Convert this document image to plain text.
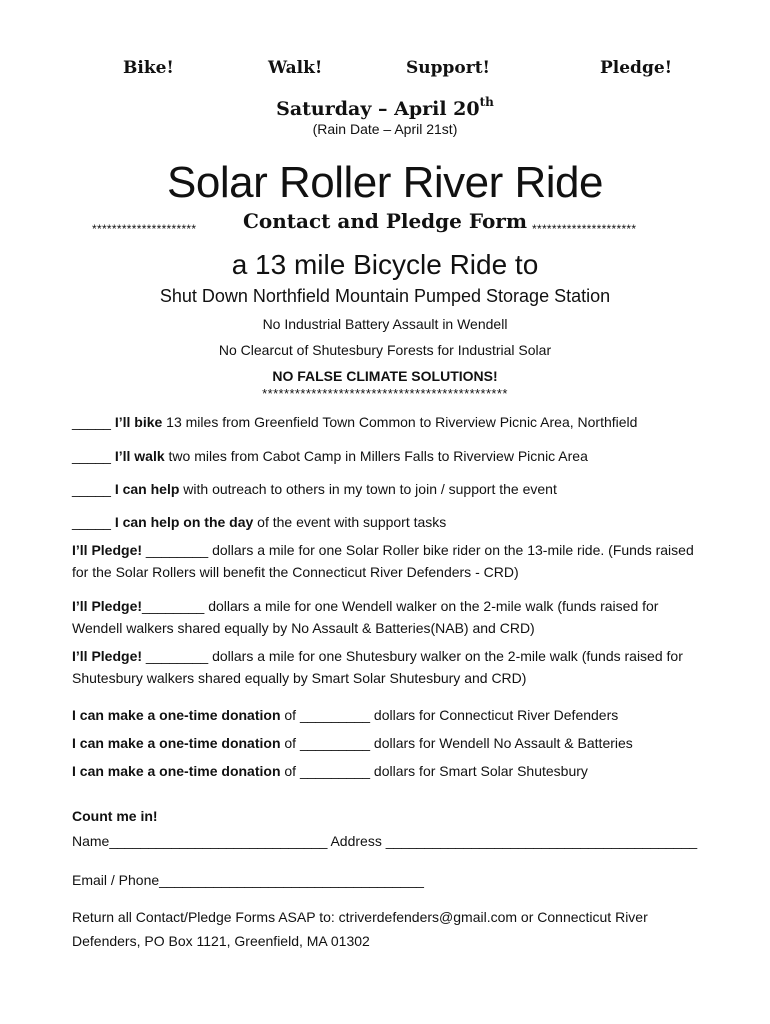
Bike!	Walk!	Support!	Pledge!
Saturday – April 20th
(Rain Date – April 21st)
Solar Roller River Ride
*********************	Contact and Pledge Form *********************
a 13 mile Bicycle Ride to
Shut Down Northfield Mountain Pumped Storage Station
No Industrial Battery Assault in Wendell
No Clearcut of Shutesbury Forests for Industrial Solar
NO FALSE CLIMATE SOLUTIONS!
*********************************************
_____ I’ll bike 13 miles from Greenfield Town Common to Riverview Picnic Area, Northfield
_____ I’ll walk two miles from Cabot Camp in Millers Falls to Riverview Picnic Area
_____ I can help with outreach to others in my town to join / support the event
_____ I can help on the day of the event with support tasks
I’ll Pledge! ________ dollars a mile for one Solar Roller bike rider on the 13-mile ride. (Funds raised for the Solar Rollers will benefit the Connecticut River Defenders - CRD)
I’ll Pledge!________ dollars a mile for one Wendell walker on the 2-mile walk (funds raised for Wendell walkers shared equally by No Assault & Batteries(NAB) and CRD)
I’ll Pledge! ________ dollars a mile for one Shutesbury walker on the 2-mile walk (funds raised for Shutesbury walkers shared equally by Smart Solar Shutesbury and CRD)
I can make a one-time donation of _________ dollars for Connecticut River Defenders
I can make a one-time donation of _________ dollars for Wendell No Assault & Batteries
I can make a one-time donation of _________ dollars for Smart Solar Shutesbury
Count me in!
Name____________________________ Address ________________________________________
Email / Phone__________________________________
Return all Contact/Pledge Forms ASAP to: ctriverdefenders@gmail.com or Connecticut River Defenders, PO Box 1121, Greenfield, MA 01302
